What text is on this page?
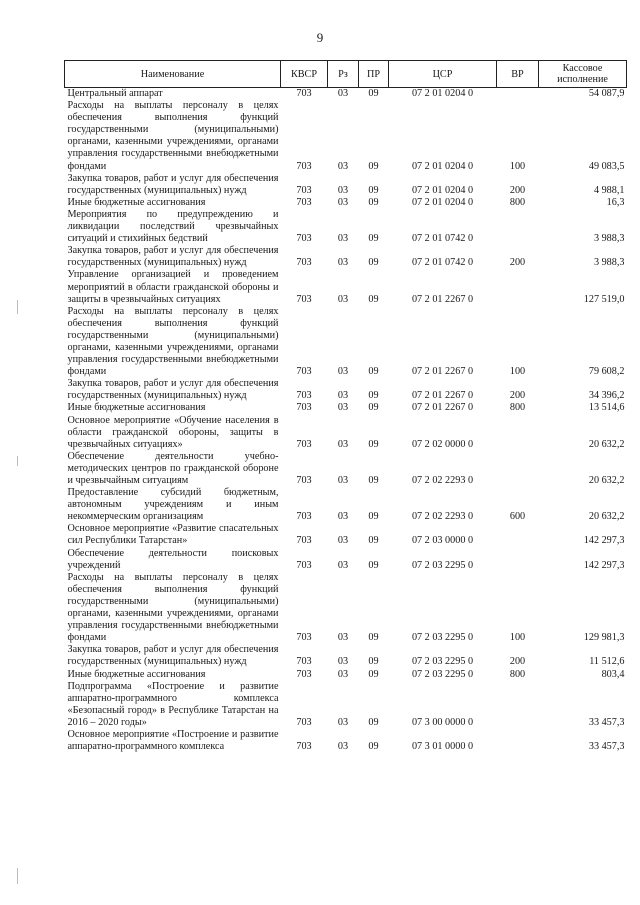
9
Наименование	КВСР	Рз	ПР	ЦСР	ВР	Кассовое исполнение
Центральный аппарат	703	03	09	07 2 01 0204 0		54 087,9
Расходы на выплаты персоналу в целях обеспечения выполнения функций государственными (муниципальными) органами, казенными учреждениями, органами управления государственными внебюджетными фондами	703	03	09	07 2 01 0204 0	100	49 083,5
Закупка товаров, работ и услуг для обеспечения государственных (муниципальных) нужд	703	03	09	07 2 01 0204 0	200	4 988,1
Иные бюджетные ассигнования	703	03	09	07 2 01 0204 0	800	16,3
Мероприятия по предупреждению и ликвидации последствий чрезвычайных ситуаций и стихийных бедствий	703	03	09	07 2 01 0742 0		3 988,3
Закупка товаров, работ и услуг для обеспечения государственных (муниципальных) нужд	703	03	09	07 2 01 0742 0	200	3 988,3
Управление организацией и проведением мероприятий в области гражданской обороны и защиты в чрезвычайных ситуациях	703	03	09	07 2 01 2267 0		127 519,0
Расходы на выплаты персоналу в целях обеспечения выполнения функций государственными (муниципальными) органами, казенными учреждениями, органами управления государственными внебюджетными фондами	703	03	09	07 2 01 2267 0	100	79 608,2
Закупка товаров, работ и услуг для обеспечения государственных (муниципальных) нужд	703	03	09	07 2 01 2267 0	200	34 396,2
Иные бюджетные ассигнования	703	03	09	07 2 01 2267 0	800	13 514,6
Основное мероприятие «Обучение населения в области гражданской обороны, защиты в чрезвычайных ситуациях»	703	03	09	07 2 02 0000 0		20 632,2
Обеспечение деятельности учебно-методических центров по гражданской обороне и чрезвычайным ситуациям	703	03	09	07 2 02 2293 0		20 632,2
Предоставление субсидий бюджетным, автономным учреждениям и иным некоммерческим организациям	703	03	09	07 2 02 2293 0	600	20 632,2
Основное мероприятие «Развитие спасательных сил Республики Татарстан»	703	03	09	07 2 03 0000 0		142 297,3
Обеспечение деятельности поисковых учреждений	703	03	09	07 2 03 2295 0		142 297,3
Расходы на выплаты персоналу в целях обеспечения выполнения функций государственными (муниципальными) органами, казенными учреждениями, органами управления государственными внебюджетными фондами	703	03	09	07 2 03 2295 0	100	129 981,3
Закупка товаров, работ и услуг для обеспечения государственных (муниципальных) нужд	703	03	09	07 2 03 2295 0	200	11 512,6
Иные бюджетные ассигнования	703	03	09	07 2 03 2295 0	800	803,4
Подпрограмма «Построение и развитие аппаратно-программного комплекса «Безопасный город» в Республике Татарстан на 2016 – 2020 годы»	703	03	09	07 3 00 0000 0		33 457,3
Основное мероприятие «Построение и развитие аппаратно-программного комплекса	703	03	09	07 3 01 0000 0		33 457,3
